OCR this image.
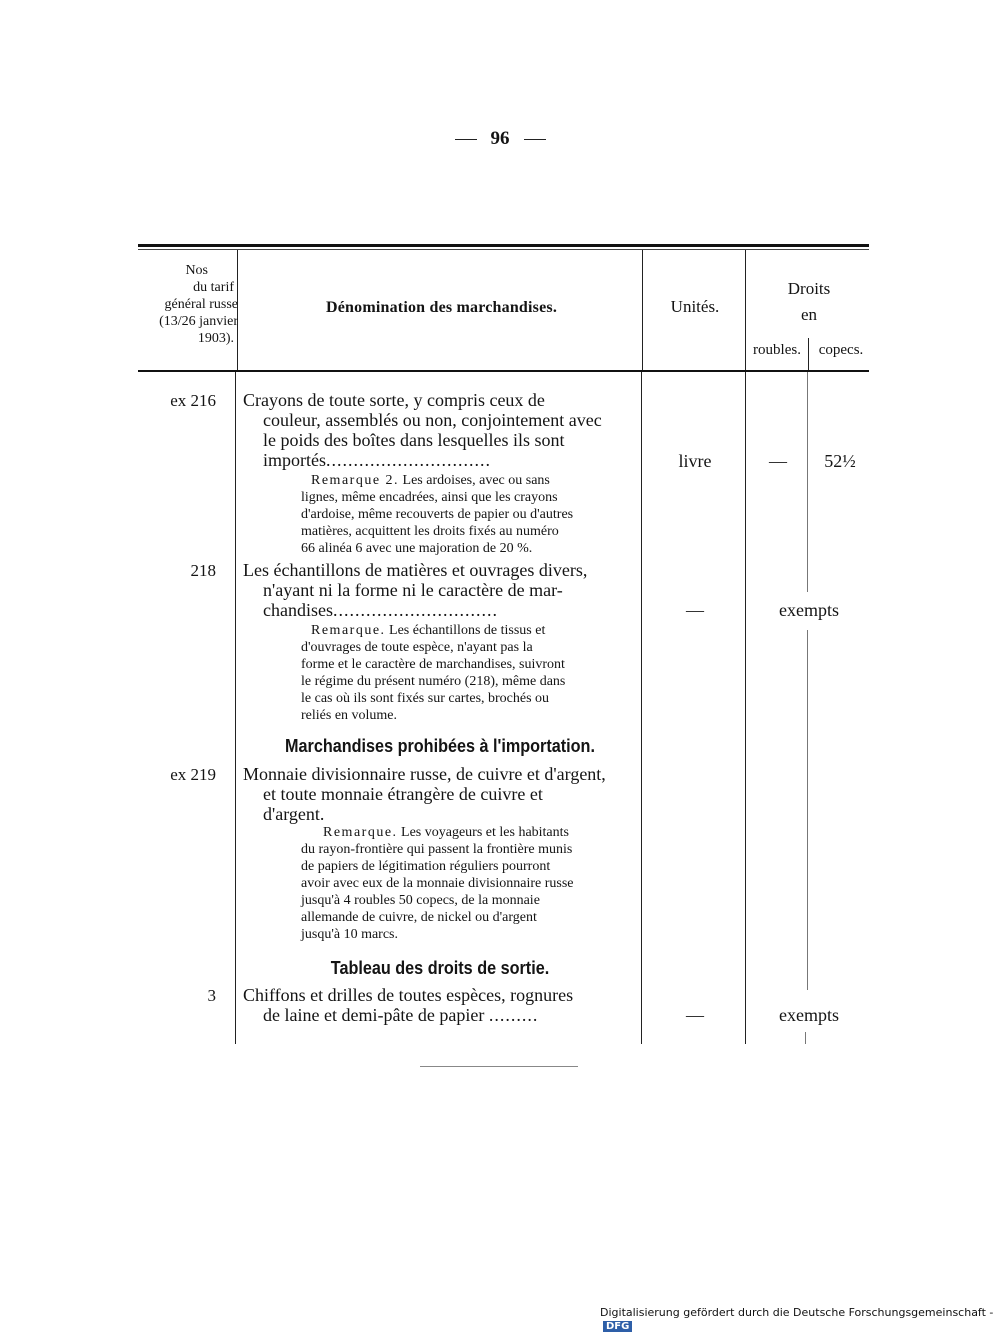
96
Nos
du tarif
général russe
(13/26 janvier
1903).
Dénomination des marchandises.	Unités.
Droits
en
roubles.	copecs.
ex 216 Crayons de toute sorte, y compris ceux de
couleur, assemblés ou non, conjointement avec
le poids des boîtes dans lesquelles ils sont
importés..............................
Remarque 2. Les ardoises, avec ou sans
lignes, même encadrées, ainsi que les crayons
d'ardoise, même recouverts de papier ou d'autres
matières, acquittent les droits fixés au numéro
66 alinéa 6 avec une majoration de 20 %.
livre	—	52½
218 Les échantillons de matières et ouvrages divers,
n'ayant ni la forme ni le caractère de mar-
chandises..............................
Remarque. Les échantillons de tissus et
d'ouvrages de toute espèce, n'ayant pas la
forme et le caractère de marchandises, suivront
le régime du présent numéro (218), même dans
le cas où ils sont fixés sur cartes, brochés ou
reliés en volume.
—	exempts
Marchandises prohibées à l'importation.
ex 219 Monnaie divisionnaire russe, de cuivre et d'argent,
et toute monnaie étrangère de cuivre et
d'argent.
Remarque. Les voyageurs et les habitants
du rayon-frontière qui passent la frontière munis
de papiers de légitimation réguliers pourront
avoir avec eux de la monnaie divisionnaire russe
jusqu'à 4 roubles 50 copecs, de la monnaie
allemande de cuivre, de nickel ou d'argent
jusqu'à 10 marcs.
Tableau des droits de sortie.
3 Chiffons et drilles de toutes espèces, rognures
de laine et demi-pâte de papier .........	—	exempts
Digitalisierung gefördert durch die Deutsche Forschungsgemeinschaft -DFG
